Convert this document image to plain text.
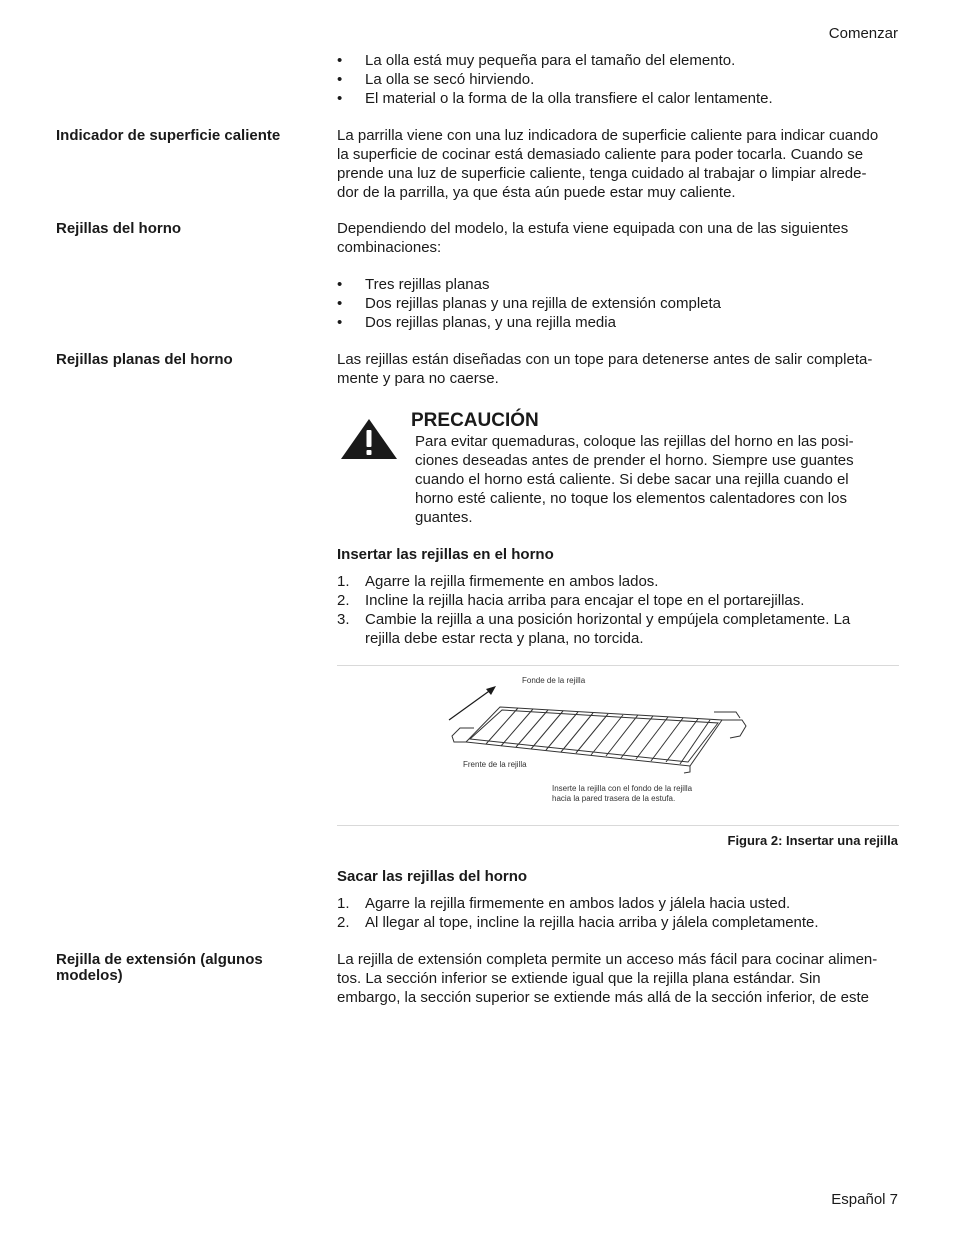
Comenzar
• La olla está muy pequeña para el tamaño del elemento.
• La olla se secó hirviendo.
• El material o la forma de la olla transfiere el calor lentamente.
Indicador de superficie caliente	La parrilla viene con una luz indicadora de superficie caliente para indicar cuando
la superficie de cocinar está demasiado caliente para poder tocarla. Cuando se
prende una luz de superficie caliente, tenga cuidado al trabajar o limpiar alrede-
dor de la parrilla, ya que ésta aún puede estar muy caliente.
Rejillas del horno	Dependiendo del modelo, la estufa viene equipada con una de las siguientes
combinaciones:
• Tres rejillas planas
• Dos rejillas planas y una rejilla de extensión completa
• Dos rejillas planas, y una rejilla media
Rejillas planas del horno	Las rejillas están diseñadas con un tope para detenerse antes de salir completa-
mente y para no caerse.
PRECAUCIÓN
Para evitar quemaduras, coloque las rejillas del horno en las posi-
ciones deseadas antes de prender el horno. Siempre use guantes
cuando el horno está caliente. Si debe sacar una rejilla cuando el
horno esté caliente, no toque los elementos calentadores con los
guantes.
Insertar las rejillas en el horno
1. Agarre la rejilla firmemente en ambos lados.
2. Incline la rejilla hacia arriba para encajar el tope en el portarejillas.
3. Cambie la rejilla a una posición horizontal y empújela completamente. La
rejilla debe estar recta y plana, no torcida.
Fonde de la rejilla
Frente de la rejilla
Inserte la rejilla con el fondo de la rejilla
hacia la pared trasera de la estufa.
Figura 2: Insertar una rejilla
Sacar las rejillas del horno
1. Agarre la rejilla firmemente en ambos lados y jálela hacia usted.
2. Al llegar al tope, incline la rejilla hacia arriba y jálela completamente.
Rejilla de extensión (algunos
modelos)
La rejilla de extensión completa permite un acceso más fácil para cocinar alimen-
tos. La sección inferior se extiende igual que la rejilla plana estándar. Sin
embargo, la sección superior se extiende más allá de la sección inferior, de este
Español 7
